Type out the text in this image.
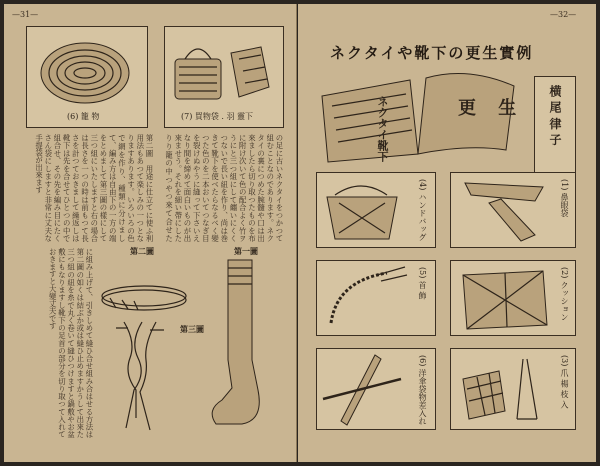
—31—
(6) 籠 物	(7) 買物袋 . 羽 靈下
の足に古いネクタイをつかつて組むことなのであります。ネクタイの裏につめた腕髓や口は出來ましたら切り取つたものを布に附け次いて色の配合よく竹ヲうにと三つ組にして纏いにくくつないで長い紐を作り、尚は巻きて靴下を使べたらなるべく變つた色のを二本おいてつなぎ目を裂けぬやうに縫って下さいえなり間を締めて面白いものが出來ませう。それを細い帶にしたりり籠の中つやつ來て合せた
第二圖　用途に仕立てに使ふ利用法もあつて楽しみの一つとなりますあります。いろいろの色で網を作り、種類に分けまして、編み方は自由下の一方の端をとめまして第三圖の樣にして三つ組にいたしますと右の場合は長さを一つの時は前もつて長さを計つておきまして繰返しは靴下は先を合せてひとつの中で組合せ、その先を編み目にたくさん袋にしますと非常に丈夫な手提袋が出來ます
第一圖
第二圖
第三圖
に組み上げて、引きしめて縫ひ合せ組み合はせる方法は第二圖の如くは結ぶか或は縫ひ止めますかうして出來た三つ組の紐を糸で丸く卷いて縫ひつけますと鍋敷やお盆敷にもなりますし靴下の足首の部分を切り取つて入れておきますと大變丈夫です
—32—
ネクタイや靴下の更生實例
ネクタイ靴下	更 生 横 尾 律 子
(4) ハンドバッグ	(1) 鼻眼袋
(5) 首 飾	(2) クッション
(6) 洋傘袋物差入れ	(3) 爪 楊 枝 入
